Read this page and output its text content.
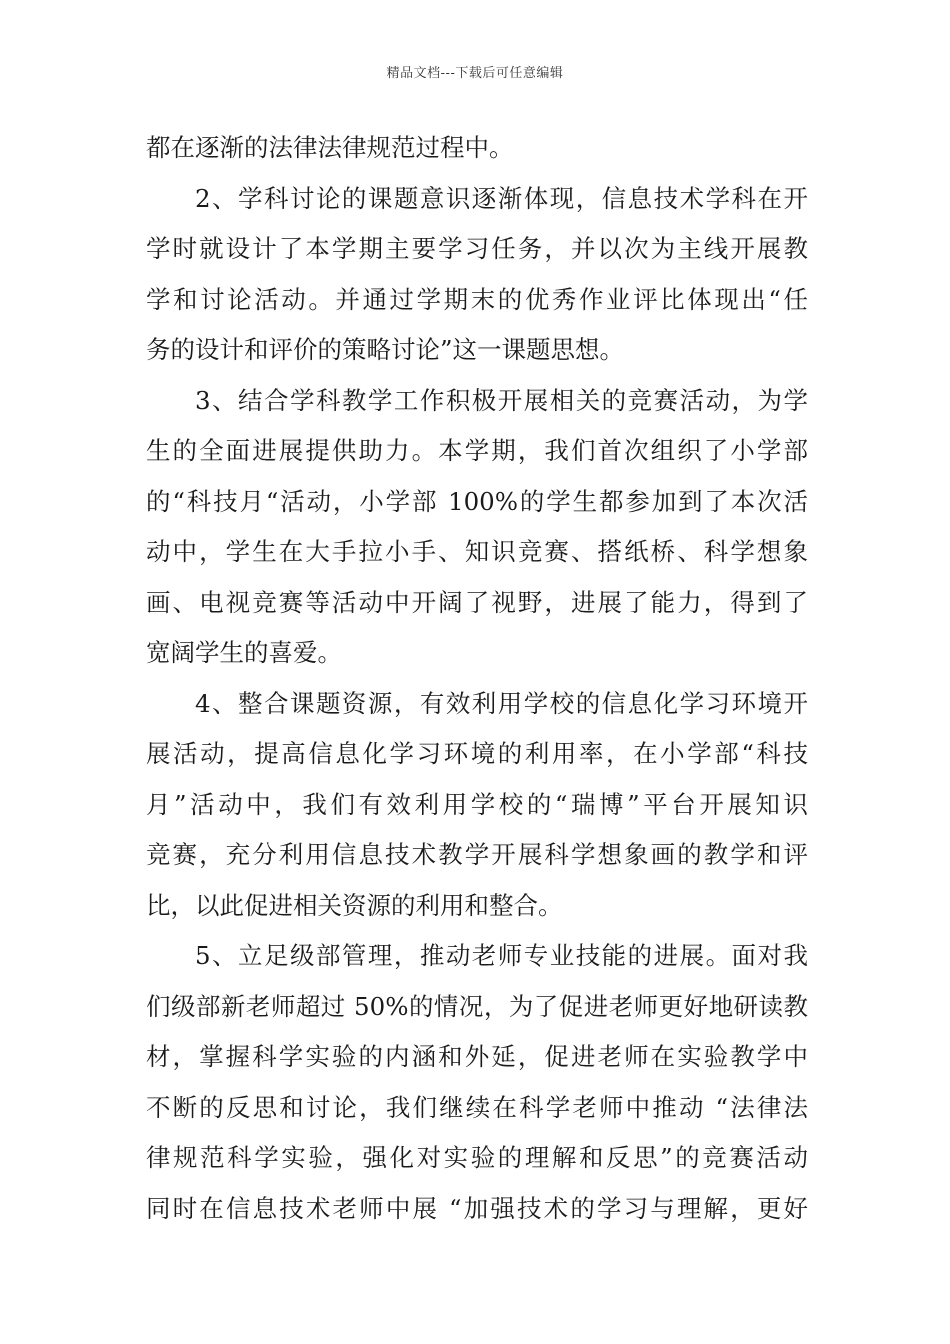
精品文档---下载后可任意编辑
都在逐渐的法律法律规范过程中。
2、学科讨论的课题意识逐渐体现，信息技术学科在开
学时就设计了本学期主要学习任务，并以次为主线开展教
学和讨论活动。并通过学期末的优秀作业评比体现出“任
务的设计和评价的策略讨论”这一课题思想。
3、结合学科教学工作积极开展相关的竞赛活动，为学
生的全面进展提供助力。本学期，我们首次组织了小学部
的“科技月“活动，小学部 100%的学生都参加到了本次活
动中，学生在大手拉小手、知识竞赛、搭纸桥、科学想象
画、电视竞赛等活动中开阔了视野，进展了能力，得到了
宽阔学生的喜爱。
4、整合课题资源，有效利用学校的信息化学习环境开
展活动，提高信息化学习环境的利用率，在小学部“科技
月”活动中，我们有效利用学校的“瑞博”平台开展知识
竞赛，充分利用信息技术教学开展科学想象画的教学和评
比，以此促进相关资源的利用和整合。
5、立足级部管理，推动老师专业技能的进展。面对我
们级部新老师超过 50%的情况，为了促进老师更好地研读教
材，掌握科学实验的内涵和外延，促进老师在实验教学中
不断的反思和讨论，我们继续在科学老师中推动 “法律法
律规范科学实验，强化对实验的理解和反思”的竞赛活动
同时在信息技术老师中展 “加强技术的学习与理解，更好
